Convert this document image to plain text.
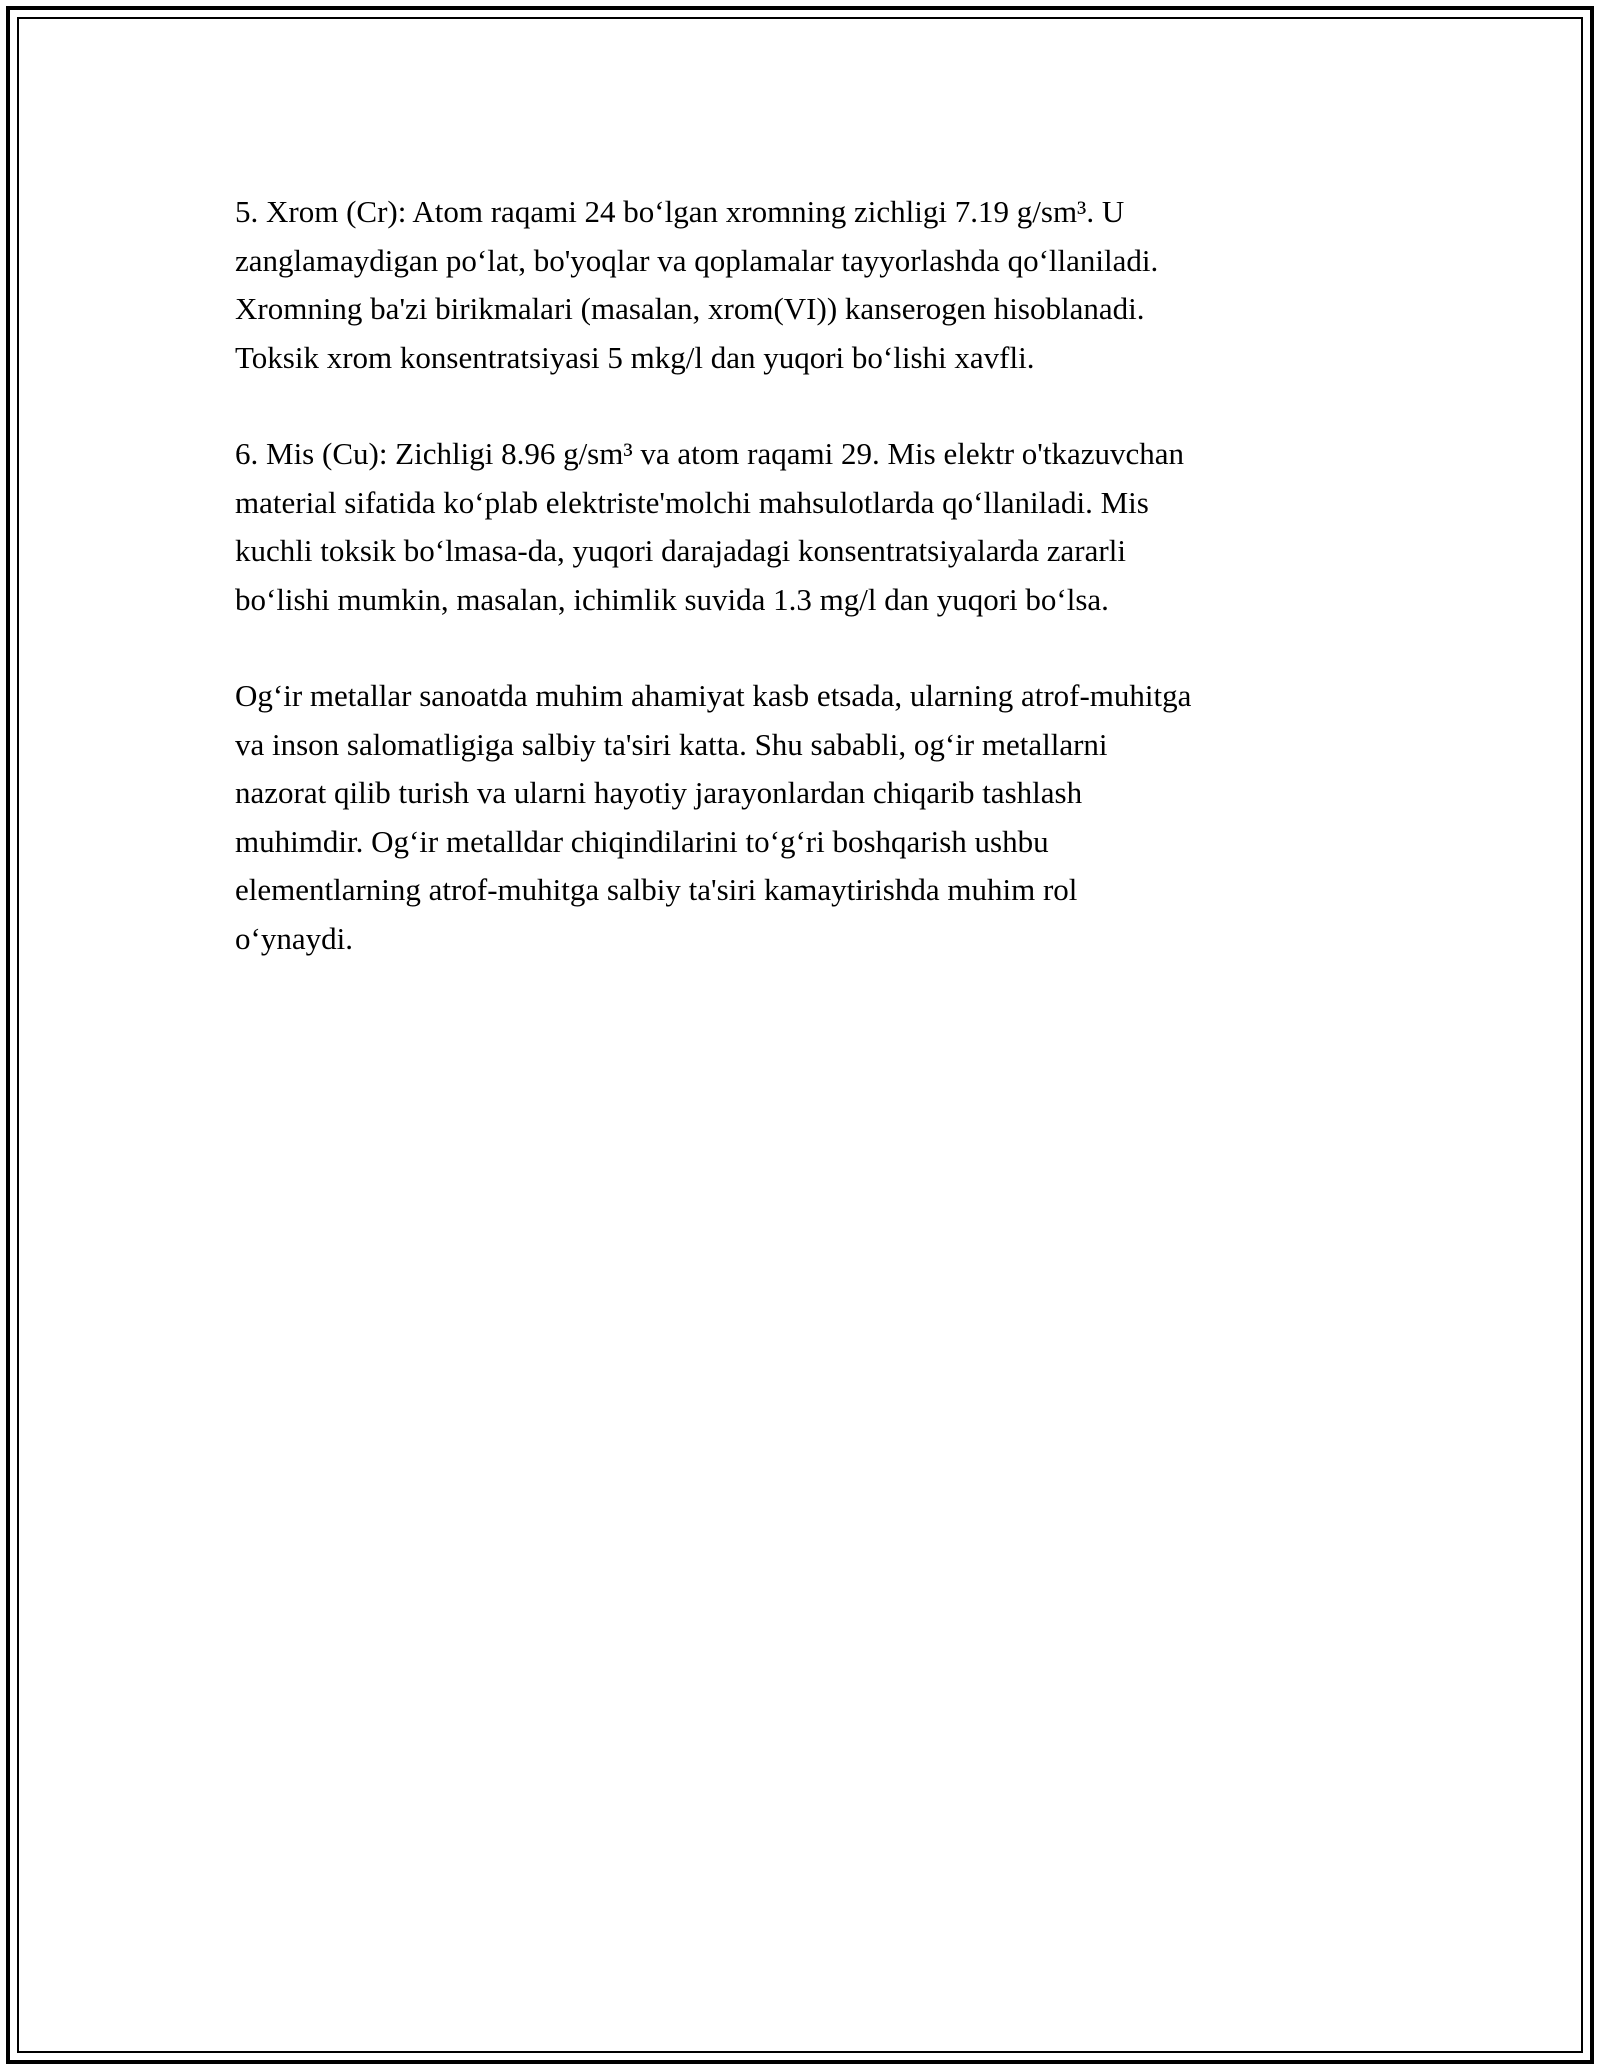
5. Xrom (Cr): Atom raqami 24 bo‘lgan xromning zichligi 7.19 g/sm³. U
zanglamaydigan po‘lat, bo'yoqlar va qoplamalar tayyorlashda qo‘llaniladi.
Xromning ba'zi birikmalari (masalan, xrom(VI)) kanserogen hisoblanadi.
Toksik xrom konsentratsiyasi 5 mkg/l dan yuqori bo‘lishi xavfli.

6. Mis (Cu): Zichligi 8.96 g/sm³ va atom raqami 29. Mis elektr o'tkazuvchan
material sifatida ko‘plab elektriste'molchi mahsulotlarda qo‘llaniladi. Mis
kuchli toksik bo‘lmasa-da, yuqori darajadagi konsentratsiyalarda zararli
bo‘lishi mumkin, masalan, ichimlik suvida 1.3 mg/l dan yuqori bo‘lsa.

Og‘ir metallar sanoatda muhim ahamiyat kasb etsada, ularning atrof-muhitga
va inson salomatligiga salbiy ta'siri katta. Shu sababli, og‘ir metallarni
nazorat qilib turish va ularni hayotiy jarayonlardan chiqarib tashlash
muhimdir. Og‘ir metalldar chiqindilarini to‘g‘ri boshqarish ushbu
elementlarning atrof-muhitga salbiy ta'siri kamaytirishda muhim rol
o‘ynaydi.
